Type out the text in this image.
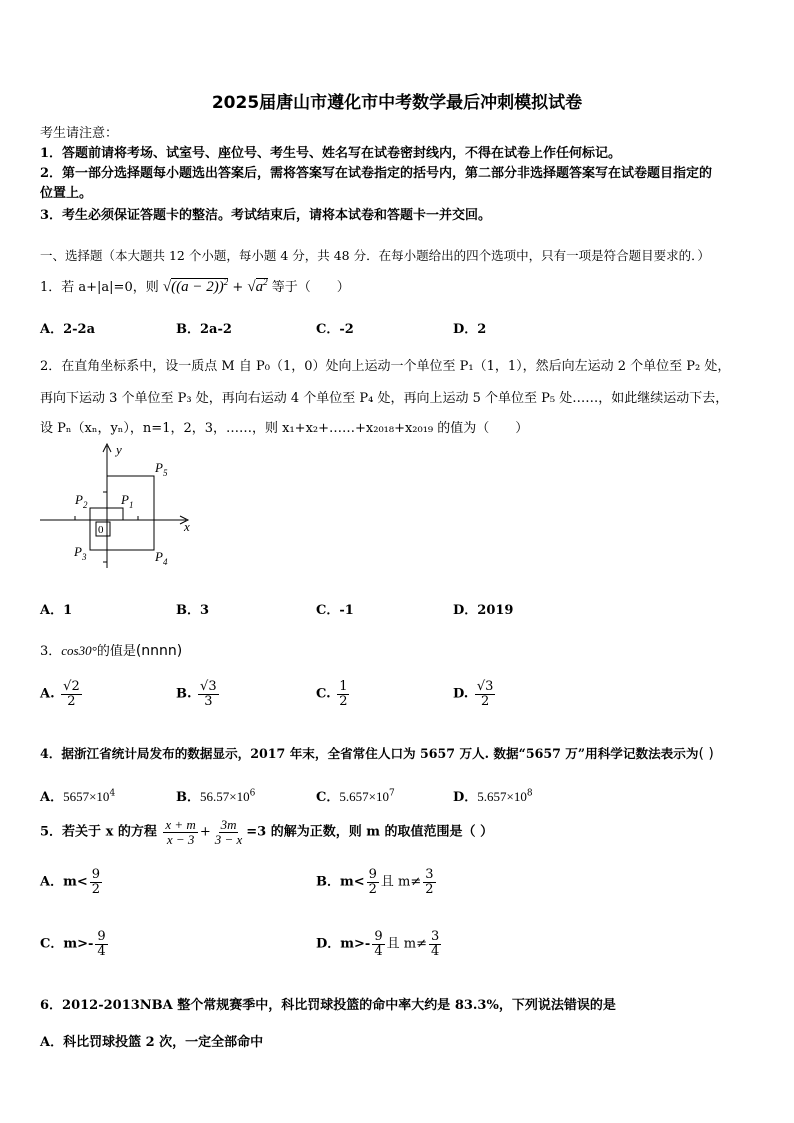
2025届唐山市遵化市中考数学最后冲刺模拟试卷
考生请注意：
1．答题前请将考场、试室号、座位号、考生号、姓名写在试卷密封线内，不得在试卷上作任何标记。
2．第一部分选择题每小题选出答案后，需将答案写在试卷指定的括号内，第二部分非选择题答案写在试卷题目指定的
位置上。
3．考生必须保证答题卡的整洁。考试结束后，请将本试卷和答题卡一并交回。
一、选择题（本大题共 12 个小题，每小题 4 分，共 48 分．在每小题给出的四个选项中，只有一项是符合题目要求的．）
1．若 a+|a|=0，则 $√((a - 2))^2 + √a^2$ 等于（　　）
A．2-2a	B．2a-2	C．-2	D．2
2．在直角坐标系中，设一质点 M 自 P₀（1，0）处向上运动一个单位至 P₁（1，1），然后向左运动 2 个单位至 P₂ 处，
再向下运动 3 个单位至 P₃ 处，再向右运动 4 个单位至 P₄ 处，再向上运动 5 个单位至 P₅ 处……，如此继续运动下去，
设 Pₙ（xₙ，yₙ），n=1，2，3，……，则 x₁+x₂+……+x₂₀₁₈+x₂₀₁₉ 的值为（　　）
y
x
$P_1$
$P_2$
$P_3$	$P_4$
$P_5$
0
A．1	B．3	C．-1	D．2019
3．cos30°的值是(nnnn)
A. $\frac{√2}{2}$	B. $\frac{√3}{3}$	C. $\frac{1}{2}$	D. $\frac{√3}{2}$
4．据浙江省统计局发布的数据显示，2017 年末，全省常住人口为 5657 万人. 数据“5657 万”用科学记数法表示为( )
A．$5657\times 10^4$	B．$56.57\times 10^6$	C．$5.657\times 10^7$	D．$5.657\times 10^8$
5．若关于 x 的方程 $\frac{x + m}{x - 3} + \frac{3m}{3 - x} =3$ 的解为正数，则 m 的取值范围是（ ）
A．$m< \frac{9}{2}$	B．$m< \frac{9}{2}$ 且 $m\ne \frac{3}{2}$
C．$m>- \frac{9}{4}$	D．$m>- \frac{9}{4}$ 且 $m\ne \frac{3}{4}$
6．2012-2013NBA 整个常规赛季中，科比罚球投篮的命中率大约是 83.3%，下列说法错误的是
A．科比罚球投篮 2 次，一定全部命中
